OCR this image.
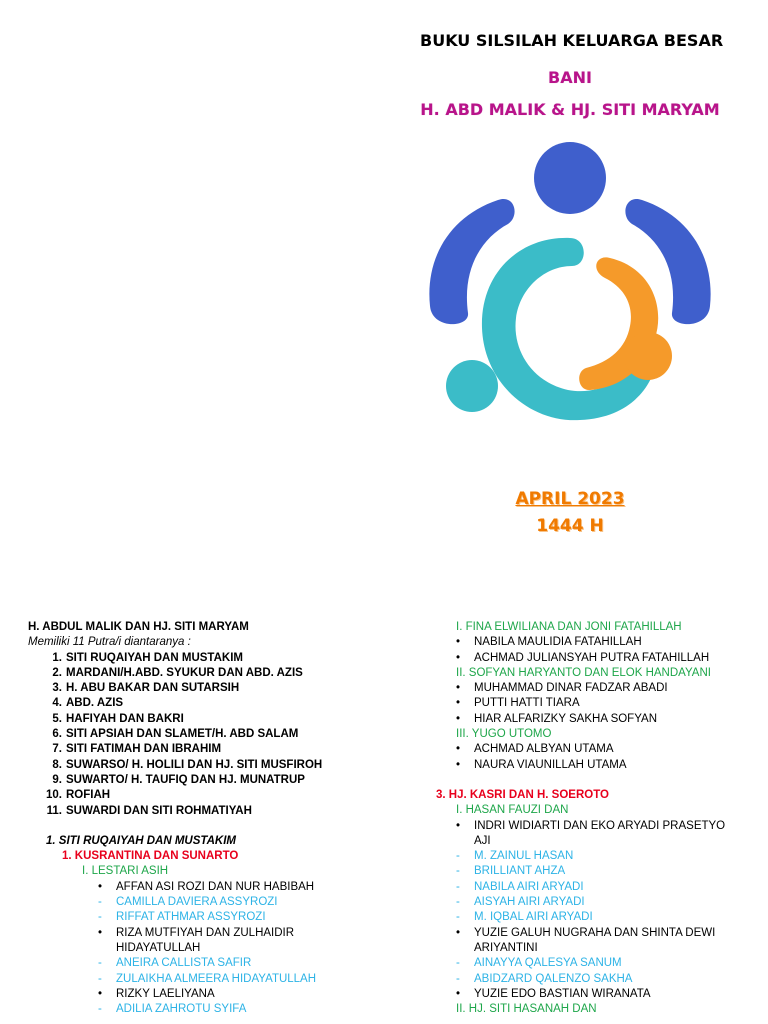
BUKU SILSILAH KELUARGA BESAR
BANI
H. ABD MALIK & HJ. SITI MARYAM
APRIL 2023
1444 H
H. ABDUL MALIK DAN HJ. SITI MARYAM
Memiliki 11 Putra/i diantaranya :
1. SITI RUQAIYAH DAN MUSTAKIM
2. MARDANI/H.ABD. SYUKUR DAN ABD. AZIS
3. H. ABU BAKAR DAN SUTARSIH
4. ABD. AZIS
5. HAFIYAH DAN BAKRI
6. SITI APSIAH DAN SLAMET/H. ABD SALAM
7. SITI FATIMAH DAN IBRAHIM
8. SUWARSO/ H. HOLILI DAN HJ. SITI MUSFIROH
9. SUWARTO/ H. TAUFIQ DAN HJ. MUNATRUP
10. ROFIAH
11. SUWARDI DAN SITI ROHMATIYAH
1. SITI RUQAIYAH DAN MUSTAKIM
1. KUSRANTINA DAN SUNARTO
I. LESTARI ASIH
• AFFAN ASI ROZI DAN NUR HABIBAH
- CAMILLA DAVIERA ASSYROZI
- RIFFAT ATHMAR ASSYROZI
• RIZA MUTFIYAH DAN ZULHAIDIR
HIDAYATULLAH
- ANEIRA CALLISTA SAFIR
- ZULAIKHA ALMEERA HIDAYATULLAH
• RIZKY LAELIYANA
- ADILIA ZAHROTU SYIFA
I. FINA ELWILIANA DAN JONI FATAHILLAH
• NABILA MAULIDIA FATAHILLAH
• ACHMAD JULIANSYAH PUTRA FATAHILLAH
II. SOFYAN HARYANTO DAN ELOK HANDAYANI
• MUHAMMAD DINAR FADZAR ABADI
• PUTTI HATTI TIARA
• HIAR ALFARIZKY SAKHA SOFYAN
III. YUGO UTOMO
• ACHMAD ALBYAN UTAMA
• NAURA VIAUNILLAH UTAMA
3. HJ. KASRI DAN H. SOEROTO
I. HASAN FAUZI DAN
• INDRI WIDIARTI DAN EKO ARYADI PRASETYO
AJI
- M. ZAINUL HASAN
- BRILLIANT AHZA
- NABILA AIRI ARYADI
- AISYAH AIRI ARYADI
- M. IQBAL AIRI ARYADI
• YUZIE GALUH NUGRAHA DAN SHINTA DEWI
ARIYANTINI
- AINAYYA QALESYA SANUM
- ABIDZARD QALENZO SAKHA
• YUZIE EDO BASTIAN WIRANATA
II. HJ. SITI HASANAH DAN
